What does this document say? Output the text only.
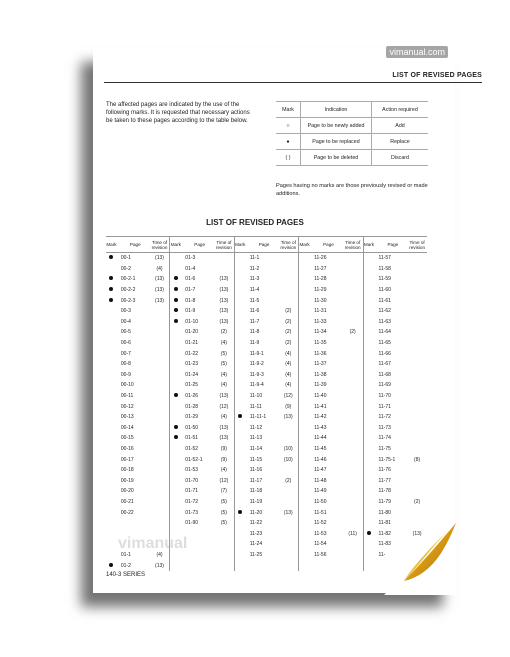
vimanual.com
LIST OF REVISED PAGES
The affected pages are indicated by the use of the following marks. It is requested that necessary actions be taken to these pages according to the table below.
Mark	Indication	Action required
○	Page to be newly added	Add
●	Page to be replaced	Replace
( )	Page to be deleted	Discard
Pages having no marks are those previously revised or made additions.
LIST OF REVISED PAGES
Mark	Page	Time of revision	Mark	Page	Time of revision	Mark	Page	Time of revision	Mark	Page	Time of revision	Mark	Page	Time of revision
	00-1	(13)		01-3			11-1			11-26			11-57	
	00-2	(4)		01-4			11-2			11-27			11-58	
	00-2-1	(13)		01-6	(13)		11-3			11-28			11-59	
	00-2-2	(13)		01-7	(13)		11-4			11-29			11-60	
	00-2-3	(13)		01-8	(13)		11-5			11-30			11-61	
	00-3			01-9	(13)		11-6	(2)		11-31			11-62	
	00-4			01-10	(13)		11-7	(2)		11-33			11-63	
	00-5			01-20	(2)		11-8	(2)		11-34	(2)		11-64	
	00-6			01-21	(4)		11-9	(2)		11-35			11-65	
	00-7			01-22	(5)		11-9-1	(4)		11-36			11-66	
	00-8			01-23	(5)		11-9-2	(4)		11-37			11-67	
	00-9			01-24	(4)		11-9-3	(4)		11-38			11-68	
	00-10			01-25	(4)		11-9-4	(4)		11-39			11-69	
	00-11			01-26	(13)		11-10	(12)		11-40			11-70	
	00-12			01-28	(12)		11-11	(9)		11-41			11-71	
	00-13			01-29	(4)		11-11-1	(13)		11-42			11-72	
	00-14			01-50	(13)		11-12			11-43			11-73	
	00-15			01-51	(13)		11-13			11-44			11-74	
	00-16			01-52	(9)		11-14	(10)		11-45			11-75	
	00-17			01-52-1	(9)		11-15	(10)		11-46			11-75-1	(8)
	00-18			01-53	(4)		11-16			11-47			11-76	
	00-19			01-70	(12)		11-17	(2)		11-48			11-77	
	00-20			01-71	(7)		11-18			11-49			11-78	
	00-21			01-72	(5)		11-19			11-50			11-79	(2)
	00-22			01-73	(5)		11-20	(13)		11-51			11-80	
				01-90	(5)		11-22			11-52			11-81	
							11-23			11-53	(11)		11-82	(13)
							11-24			11-54			11-83	
	01-1	(4)					11-25			11-56			11-	
	01-2	(13)												
vimanual
140-3 SERIES
